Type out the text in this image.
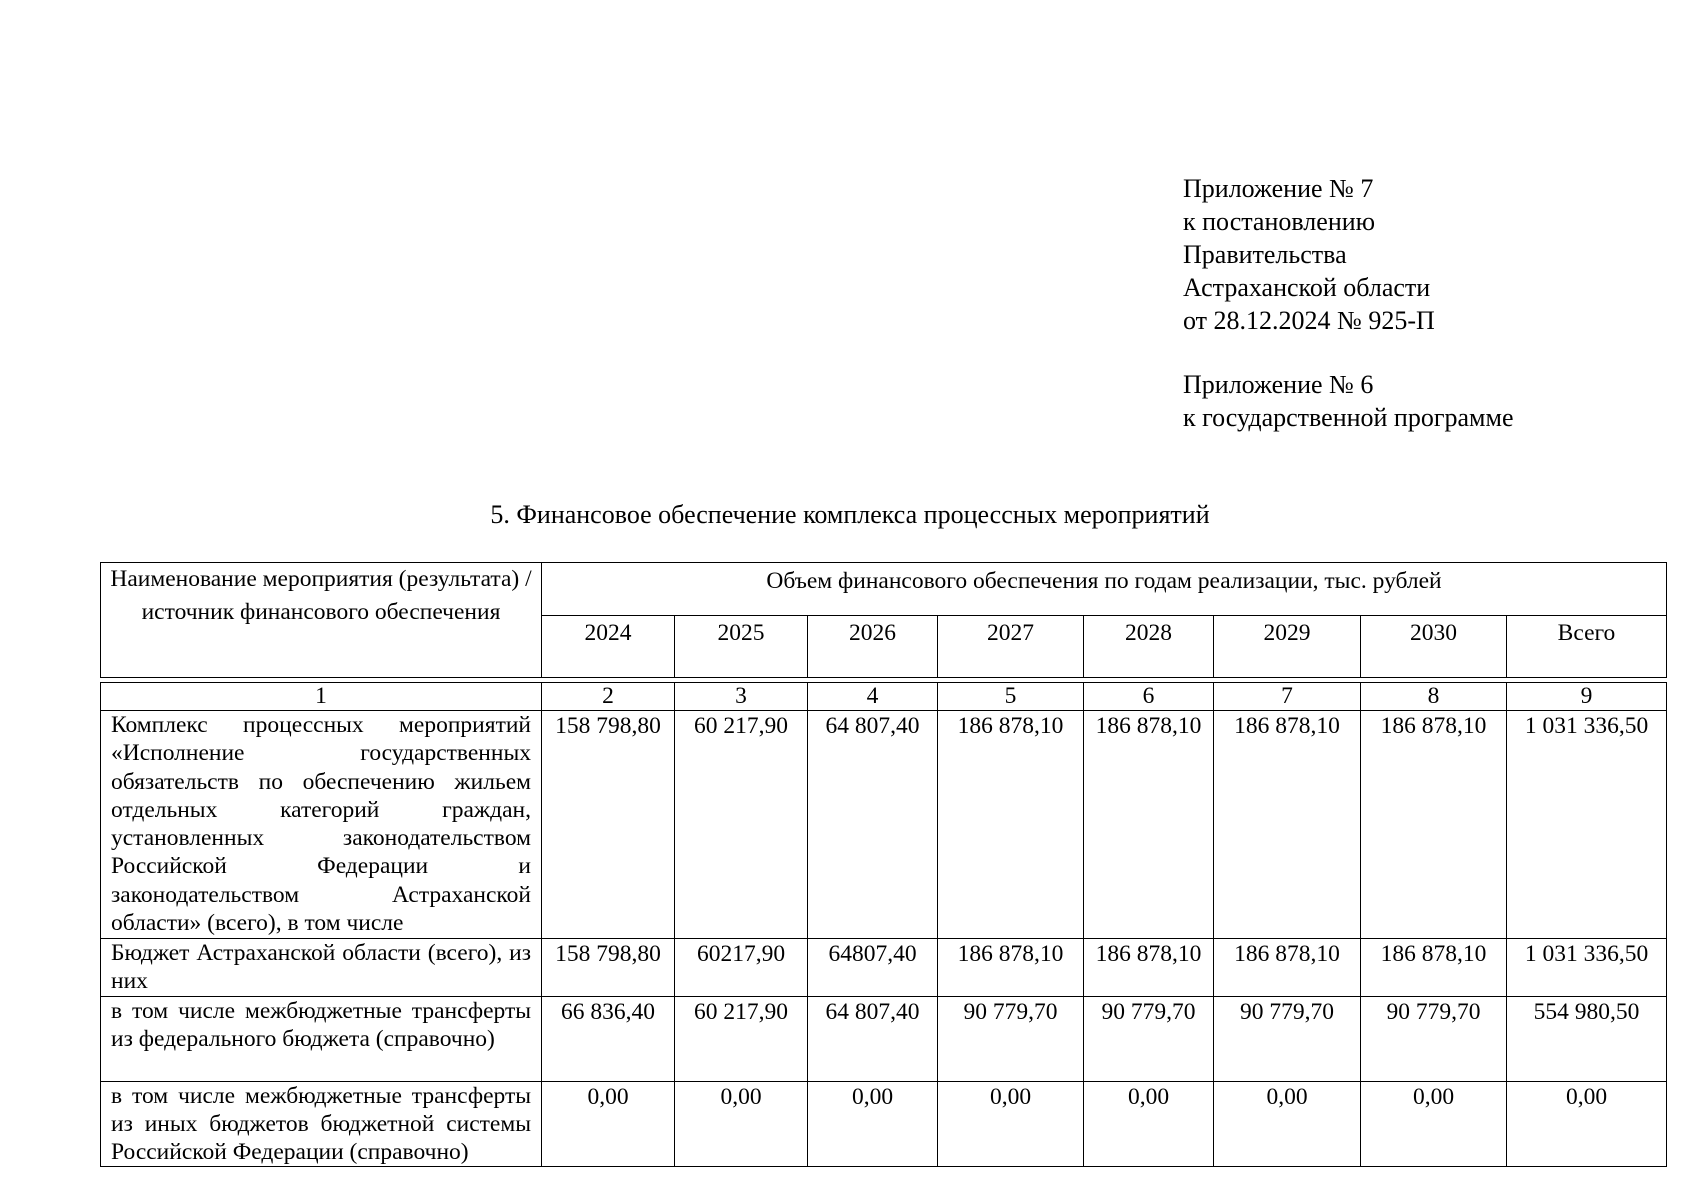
Приложение № 7
к постановлению
Правительства
Астраханской области
от 28.12.2024 № 925-П
Приложение № 6
к государственной программе
5. Финансовое обеспечение комплекса процессных мероприятий
Наименование мероприятия (результата) / источник финансового обеспечения	Объем финансового обеспечения по годам реализации, тыс. рублей							
	2024	2025	2026	2027	2028	2029	2030	Всего
1	2	3	4	5	6	7	8	9
Комплекс процессных мероприятий «Исполнение государственных обязательств по обеспечению жильем отдельных категорий граждан, установленных законодательством Российской Федерации и законодательством Астраханской области» (всего), в том числе	158 798,80	60 217,90	64 807,40	186 878,10	186 878,10	186 878,10	186 878,10	1 031 336,50
Бюджет Астраханской области (всего), из них	158 798,80	60217,90	64807,40	186 878,10	186 878,10	186 878,10	186 878,10	1 031 336,50
в том числе межбюджетные трансферты из федерального бюджета (справочно)	66 836,40	60 217,90	64 807,40	90 779,70	90 779,70	90 779,70	90 779,70	554 980,50

в том числе межбюджетные трансферты из иных бюджетов бюджетной системы Российской Федерации (справочно)	0,00	0,00	0,00	0,00	0,00	0,00	0,00	0,00
